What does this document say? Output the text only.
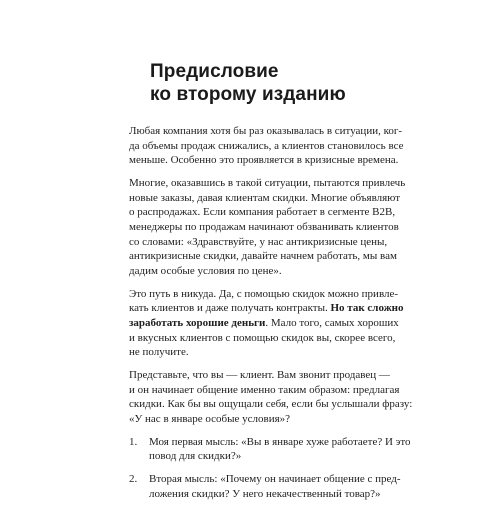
Предисловие
ко второму изданию
Любая компания хотя бы раз оказывалась в ситуации, ког-
да объемы продаж снижались, а клиентов становилось все
меньше. Особенно это проявляется в кризисные времена.
Многие, оказавшись в такой ситуации, пытаются привлечь
новые заказы, давая клиентам скидки. Многие объявляют
о распродажах. Если компания работает в сегменте B2B,
менеджеры по продажам начинают обзванивать клиентов
со словами: «Здравствуйте, у нас антикризисные цены,
антикризисные скидки, давайте начнем работать, мы вам
дадим особые условия по цене».
Это путь в никуда. Да, с помощью скидок можно привле-
кать клиентов и даже получать контракты. Но так сложно
заработать хорошие деньги. Мало того, самых хороших
и вкусных клиентов с помощью скидок вы, скорее всего,
не получите.
Представьте, что вы — клиент. Вам звонит продавец —
и он начинает общение именно таким образом: предлагая
скидки. Как бы вы ощущали себя, если бы услышали фразу:
«У нас в январе особые условия»?
1. Моя первая мысль: «Вы в январе хуже работаете? И это
повод для скидки?»
2. Вторая мысль: «Почему он начинает общение с пред-
ложения скидки? У него некачественный товар?»
